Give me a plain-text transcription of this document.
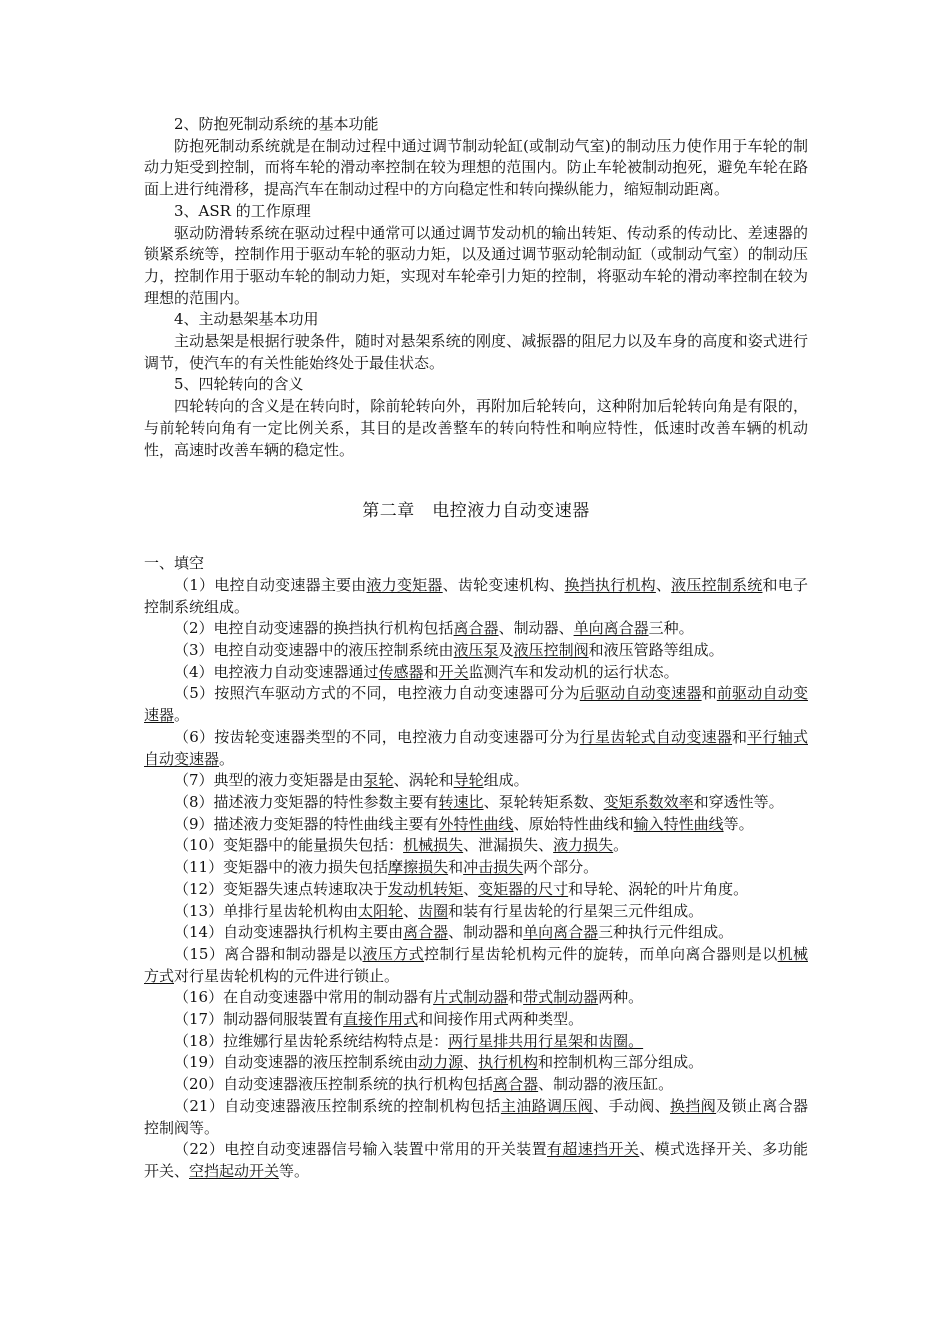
2、防抱死制动系统的基本功能

防抱死制动系统就是在制动过程中通过调节制动轮缸(或制动气室)的制动压力使作用于车轮的制动力矩受到控制，而将车轮的滑动率控制在较为理想的范围内。防止车轮被制动抱死，避免车轮在路面上进行纯滑移，提高汽车在制动过程中的方向稳定性和转向操纵能力，缩短制动距离。

3、ASR 的工作原理

驱动防滑转系统在驱动过程中通常可以通过调节发动机的输出转矩、传动系的传动比、差速器的锁紧系统等，控制作用于驱动车轮的驱动力矩，以及通过调节驱动轮制动缸（或制动气室）的制动压力，控制作用于驱动车轮的制动力矩，实现对车轮牵引力矩的控制，将驱动车轮的滑动率控制在较为理想的范围内。

4、主动悬架基本功用

主动悬架是根据行驶条件，随时对悬架系统的刚度、减振器的阻尼力以及车身的高度和姿式进行调节，使汽车的有关性能始终处于最佳状态。

5、四轮转向的含义

四轮转向的含义是在转向时，除前轮转向外，再附加后轮转向，这种附加后轮转向角是有限的，与前轮转向角有一定比例关系，其目的是改善整车的转向特性和响应特性，低速时改善车辆的机动性，高速时改善车辆的稳定性。

第二章　电控液力自动变速器

一、填空

（1）电控自动变速器主要由液力变矩器、齿轮变速机构、换挡执行机构、液压控制系统和电子控制系统组成。

（2）电控自动变速器的换挡执行机构包括离合器、制动器、单向离合器三种。

（3）电控自动变速器中的液压控制系统由液压泵及液压控制阀和液压管路等组成。

（4）电控液力自动变速器通过传感器和开关监测汽车和发动机的运行状态。

（5）按照汽车驱动方式的不同，电控液力自动变速器可分为后驱动自动变速器和前驱动自动变速器。

（6）按齿轮变速器类型的不同，电控液力自动变速器可分为行星齿轮式自动变速器和平行轴式自动变速器。

（7）典型的液力变矩器是由泵轮、涡轮和导轮组成。

（8）描述液力变矩器的特性参数主要有转速比、泵轮转矩系数、变矩系数效率和穿透性等。

（9）描述液力变矩器的特性曲线主要有外特性曲线、原始特性曲线和输入特性曲线等。

（10）变矩器中的能量损失包括：机械损失、泄漏损失、液力损失。

（11）变矩器中的液力损失包括摩擦损失和冲击损失两个部分。

（12）变矩器失速点转速取决于发动机转矩、变矩器的尺寸和导轮、涡轮的叶片角度。

（13）单排行星齿轮机构由太阳轮、齿圈和装有行星齿轮的行星架三元件组成。

（14）自动变速器执行机构主要由离合器、制动器和单向离合器三种执行元件组成。

（15）离合器和制动器是以液压方式控制行星齿轮机构元件的旋转，而单向离合器则是以机械方式对行星齿轮机构的元件进行锁止。

（16）在自动变速器中常用的制动器有片式制动器和带式制动器两种。

（17）制动器伺服装置有直接作用式和间接作用式两种类型。

（18）拉维娜行星齿轮系统结构特点是：两行星排共用行星架和齿圈。

（19）自动变速器的液压控制系统由动力源、执行机构和控制机构三部分组成。

（20）自动变速器液压控制系统的执行机构包括离合器、制动器的液压缸。

（21）自动变速器液压控制系统的控制机构包括主油路调压阀、手动阀、换挡阀及锁止离合器控制阀等。

（22）电控自动变速器信号输入装置中常用的开关装置有超速挡开关、模式选择开关、多功能开关、空挡起动开关等。
